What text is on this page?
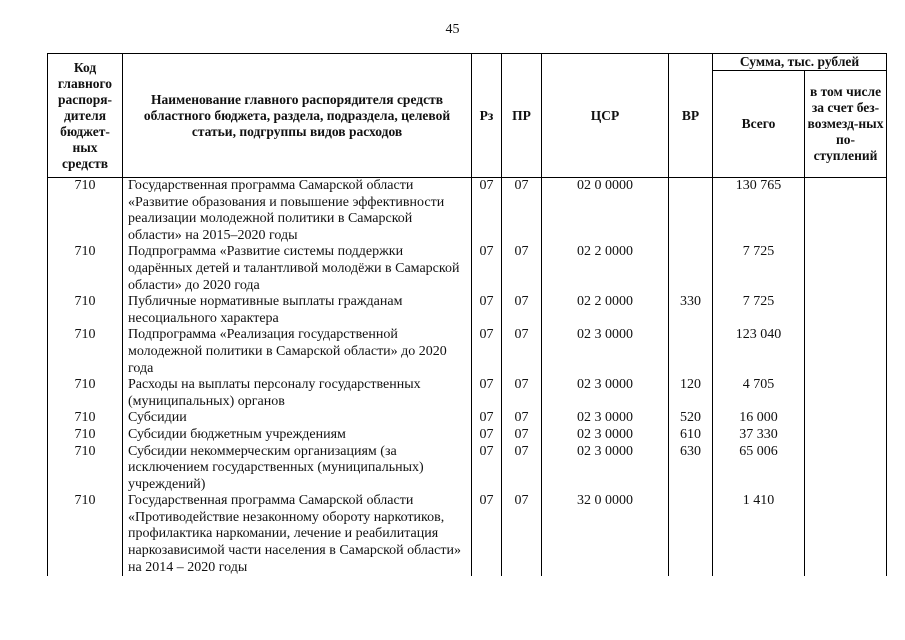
45
Код главного распоря-дителя бюджет-ных средств	Наименование главного распорядителя средств областного бюджета, раздела, подраздела, целевой статьи, подгруппы видов расходов	Рз	ПР	ЦСР	ВР	Сумма, тыс. рублей	
						Всего	в том числе за счет без-возмезд-ных по-ступлений
710	Государственная программа Самарской области «Развитие образования и повышение эффективности реализации молодежной политики в Самарской области» на 2015–2020 годы	07	07	02 0 0000		130 765	
710	Подпрограмма «Развитие системы поддержки одарённых детей и талантливой молодёжи в Самарской области» до 2020 года	07	07	02 2 0000		7 725	
710	Публичные нормативные выплаты гражданам несоциального характера	07	07	02 2 0000	330	7 725	
710	Подпрограмма «Реализация государственной молодежной политики в Самарской области» до 2020 года	07	07	02 3 0000		123 040	
710	Расходы на выплаты персоналу государственных (муниципальных) органов	07	07	02 3 0000	120	4 705	
710	Субсидии	07	07	02 3 0000	520	16 000	
710	Субсидии бюджетным учреждениям	07	07	02 3 0000	610	37 330	
710	Субсидии некоммерческим организациям (за исключением государственных (муниципальных) учреждений)	07	07	02 3 0000	630	65 006	
710	Государственная программа Самарской области «Противодействие незаконному обороту наркотиков, профилактика наркомании, лечение и реабилитация наркозависимой части населения в Самарской области» на 2014 – 2020 годы	07	07	32 0 0000		1 410	
